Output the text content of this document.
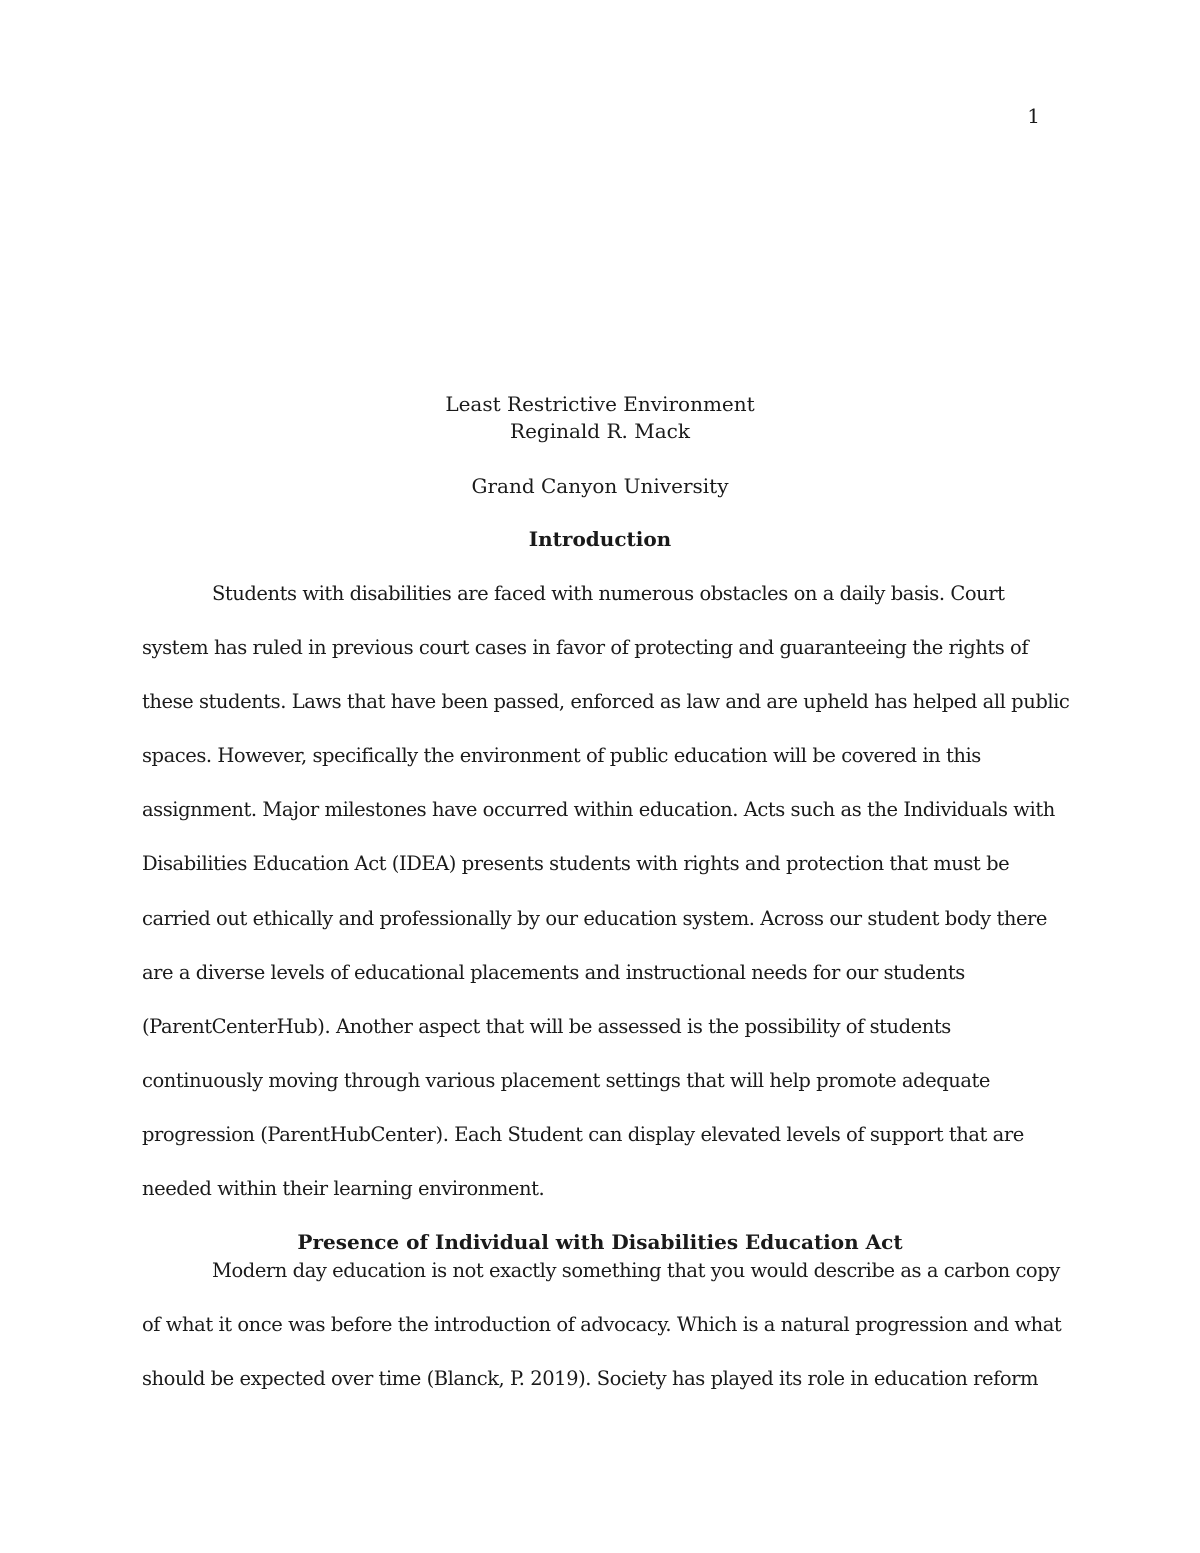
1
Least Restrictive Environment
Reginald R. Mack
Grand Canyon University
Introduction
Students with disabilities are faced with numerous obstacles on a daily basis. Court
system has ruled in previous court cases in favor of protecting and guaranteeing the rights of
these students. Laws that have been passed, enforced as law and are upheld has helped all public
spaces. However, specifically the environment of public education will be covered in this
assignment. Major milestones have occurred within education. Acts such as the Individuals with
Disabilities Education Act (IDEA) presents students with rights and protection that must be
carried out ethically and professionally by our education system. Across our student body there
are a diverse levels of educational placements and instructional needs for our students
(ParentCenterHub). Another aspect that will be assessed is the possibility of students
continuously moving through various placement settings that will help promote adequate
progression (ParentHubCenter). Each Student can display elevated levels of support that are
needed within their learning environment.
Presence of Individual with Disabilities Education Act
Modern day education is not exactly something that you would describe as a carbon copy
of what it once was before the introduction of advocacy. Which is a natural progression and what
should be expected over time (Blanck, P. 2019). Society has played its role in education reform
